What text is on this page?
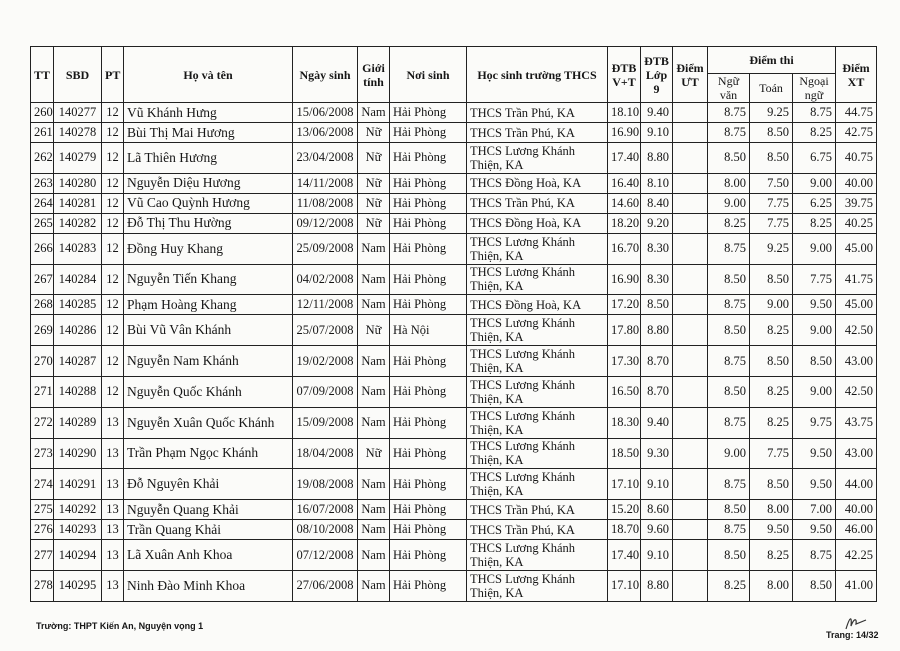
TT	SBD	PT	Họ và tên	Ngày sinh	Giới tính	Nơi sinh	Học sinh trường THCS	ĐTB V+T	ĐTB Lớp 9	Điểm ƯT	Điểm thi			Điểm XT
											Ngữ văn	Toán	Ngoại ngữ	
260	140277	12	Vũ Khánh Hưng	15/06/2008	Nam	Hải Phòng	THCS Trần Phú, KA	18.10	9.40		8.75	9.25	8.75	44.75
261	140278	12	Bùi Thị Mai Hương	13/06/2008	Nữ	Hải Phòng	THCS Trần Phú, KA	16.90	9.10		8.75	8.50	8.25	42.75
262	140279	12	Lã Thiên Hương	23/04/2008	Nữ	Hải Phòng	THCS Lương Khánh Thiện, KA	17.40	8.80		8.50	8.50	6.75	40.75
263	140280	12	Nguyễn Diệu Hương	14/11/2008	Nữ	Hải Phòng	THCS Đồng Hoà, KA	16.40	8.10		8.00	7.50	9.00	40.00
264	140281	12	Vũ Cao Quỳnh Hương	11/08/2008	Nữ	Hải Phòng	THCS Trần Phú, KA	14.60	8.40		9.00	7.75	6.25	39.75
265	140282	12	Đỗ Thị Thu Hường	09/12/2008	Nữ	Hải Phòng	THCS Đồng Hoà, KA	18.20	9.20		8.25	7.75	8.25	40.25
266	140283	12	Đồng Huy Khang	25/09/2008	Nam	Hải Phòng	THCS Lương Khánh Thiện, KA	16.70	8.30		8.75	9.25	9.00	45.00
267	140284	12	Nguyễn Tiến Khang	04/02/2008	Nam	Hải Phòng	THCS Lương Khánh Thiện, KA	16.90	8.30		8.50	8.50	7.75	41.75
268	140285	12	Phạm Hoàng Khang	12/11/2008	Nam	Hải Phòng	THCS Đồng Hoà, KA	17.20	8.50		8.75	9.00	9.50	45.00
269	140286	12	Bùi Vũ Vân Khánh	25/07/2008	Nữ	Hà Nội	THCS Lương Khánh Thiện, KA	17.80	8.80		8.50	8.25	9.00	42.50
270	140287	12	Nguyễn Nam Khánh	19/02/2008	Nam	Hải Phòng	THCS Lương Khánh Thiện, KA	17.30	8.70		8.75	8.50	8.50	43.00
271	140288	12	Nguyễn Quốc Khánh	07/09/2008	Nam	Hải Phòng	THCS Lương Khánh Thiện, KA	16.50	8.70		8.50	8.25	9.00	42.50
272	140289	13	Nguyễn Xuân Quốc Khánh	15/09/2008	Nam	Hải Phòng	THCS Lương Khánh Thiện, KA	18.30	9.40		8.75	8.25	9.75	43.75
273	140290	13	Trần Phạm Ngọc Khánh	18/04/2008	Nữ	Hải Phòng	THCS Lương Khánh Thiện, KA	18.50	9.30		9.00	7.75	9.50	43.00
274	140291	13	Đỗ Nguyên Khải	19/08/2008	Nam	Hải Phòng	THCS Lương Khánh Thiện, KA	17.10	9.10		8.75	8.50	9.50	44.00
275	140292	13	Nguyễn Quang Khải	16/07/2008	Nam	Hải Phòng	THCS Trần Phú, KA	15.20	8.60		8.50	8.00	7.00	40.00
276	140293	13	Trần Quang Khải	08/10/2008	Nam	Hải Phòng	THCS Trần Phú, KA	18.70	9.60		8.75	9.50	9.50	46.00
277	140294	13	Lã Xuân Anh Khoa	07/12/2008	Nam	Hải Phòng	THCS Lương Khánh Thiện, KA	17.40	9.10		8.50	8.25	8.75	42.25
278	140295	13	Ninh Đào Minh Khoa	27/06/2008	Nam	Hải Phòng	THCS Lương Khánh Thiện, KA	17.10	8.80		8.25	8.00	8.50	41.00
Trường: THPT Kiến An, Nguyện vọng 1
Trang: 14/32
